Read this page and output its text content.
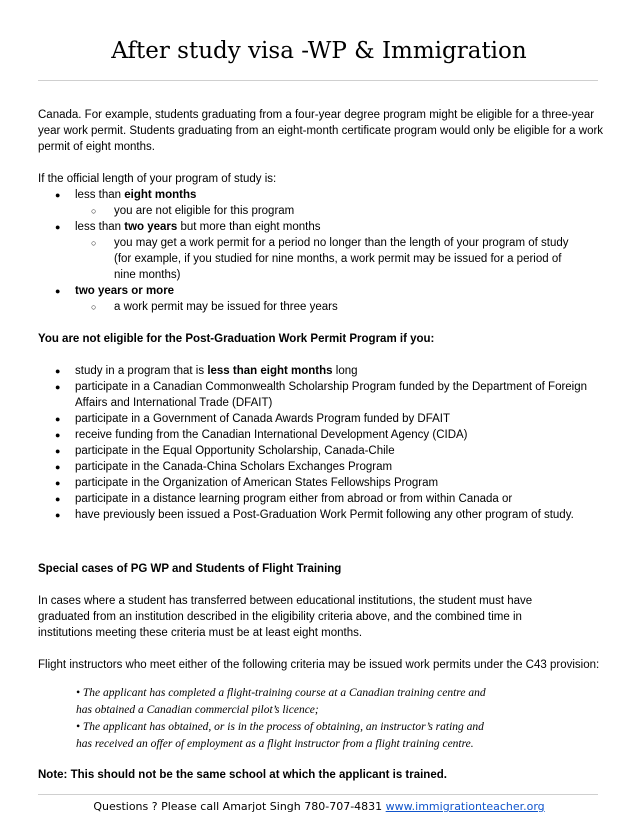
After study visa -WP & Immigration

Canada. For example, students graduating from a four-year degree program might be eligible for a three-year year work permit. Students graduating from an eight-month certificate program would only be eligible for a work permit of eight months.

If the official length of your program of study is:

● less than eight months
○ you are not eligible for this program
● less than two years but more than eight months
○ you may get a work permit for a period no longer than the length of your program of study (for example, if you studied for nine months, a work permit may be issued for a period of nine months)
● two years or more
○ a work permit may be issued for three years

You are not eligible for the Post-Graduation Work Permit Program if you:

● study in a program that is less than eight months long
● participate in a Canadian Commonwealth Scholarship Program funded by the Department of Foreign Affairs and International Trade (DFAIT)
● participate in a Government of Canada Awards Program funded by DFAIT
● receive funding from the Canadian International Development Agency (CIDA)
● participate in the Equal Opportunity Scholarship, Canada-Chile
● participate in the Canada-China Scholars Exchanges Program
● participate in the Organization of American States Fellowships Program
● participate in a distance learning program either from abroad or from within Canada or
● have previously been issued a Post-Graduation Work Permit following any other program of study.

Special cases of PG WP and Students of Flight Training

In cases where a student has transferred between educational institutions, the student must have graduated from an institution described in the eligibility criteria above, and the combined time in institutions meeting these criteria must be at least eight months.

Flight instructors who meet either of the following criteria may be issued work permits under the C43 provision:

• The applicant has completed a flight-training course at a Canadian training centre and has obtained a Canadian commercial pilot’s licence;

• The applicant has obtained, or is in the process of obtaining, an instructor’s rating and has received an offer of employment as a flight instructor from a flight training centre.

Note: This should not be the same school at which the applicant is trained.

Questions ? Please call Amarjot Singh 780-707-4831 www.immigrationteacher.org
